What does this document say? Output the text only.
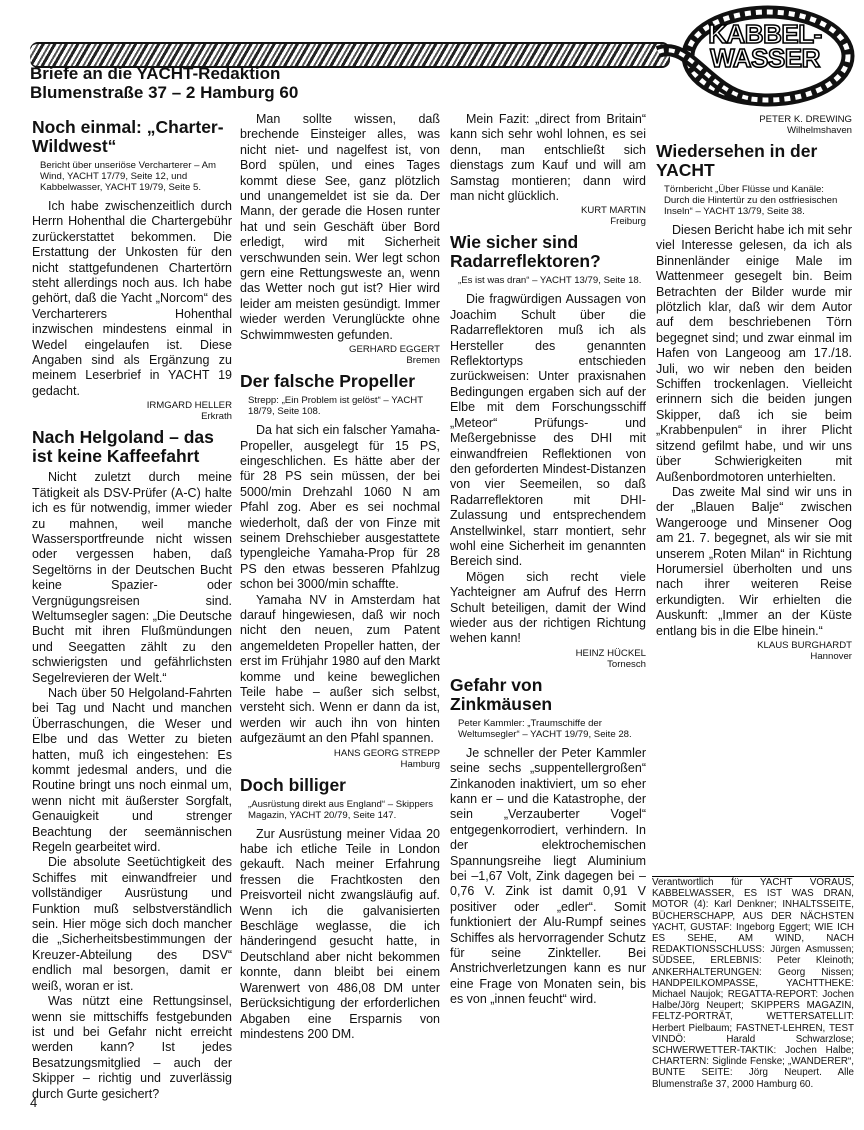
KABBEL-
WASSER
Briefe an die YACHT-Redaktion
Blumenstraße 37 – 2 Hamburg 60
Noch einmal: „Charter-Wildwest“
Bericht über unseriöse Vercharterer – Am Wind, YACHT 17/79, Seite 12, und Kabbelwasser, YACHT 19/79, Seite 5.

Ich habe zwischenzeitlich durch Herrn Hohenthal die Chartergebühr zurückerstattet bekommen. Die Erstattung der Unkosten für den nicht stattgefundenen Chartertörn steht allerdings noch aus. Ich habe gehört, daß die Yacht „Norcom“ des Vercharterers Hohenthal inzwischen mindestens einmal in Wedel eingelaufen ist. Diese Angaben sind als Ergänzung zu meinem Leserbrief in YACHT 19 gedacht.

IRMGARD HELLER
Erkrath
Nach Helgoland – das ist keine Kaffeefahrt

Nicht zuletzt durch meine Tätigkeit als DSV-Prüfer (A-C) halte ich es für notwendig, immer wieder zu mahnen, weil manche Wassersportfreunde nicht wissen oder vergessen haben, daß Segeltörns in der Deutschen Bucht keine Spazier- oder Vergnügungsreisen sind. Weltumsegler sagen: „Die Deutsche Bucht mit ihren Flußmündungen und Seegatten zählt zu den schwierigsten und gefährlichsten Segelrevieren der Welt.“

Nach über 50 Helgoland-Fahrten bei Tag und Nacht und manchen Überraschungen, die Weser und Elbe und das Wetter zu bieten hatten, muß ich eingestehen: Es kommt jedesmal anders, und die Routine bringt uns noch einmal um, wenn nicht mit äußerster Sorgfalt, Genauigkeit und strenger Beachtung der seemännischen Regeln gearbeitet wird.

Die absolute Seetüchtigkeit des Schiffes mit einwandfreier und vollständiger Ausrüstung und Funktion muß selbstverständlich sein. Hier möge sich doch mancher die „Sicherheitsbestimmungen der Kreuzer-Abteilung des DSV“ endlich mal besorgen, damit er weiß, woran er ist.

Was nützt eine Rettungsinsel, wenn sie mittschiffs festgebunden ist und bei Gefahr nicht erreicht werden kann? Ist jedes Besatzungsmitglied – auch der Skipper – richtig und zuverlässig durch Gurte gesichert?

Man sollte wissen, daß brechende Einsteiger alles, was nicht niet- und nagelfest ist, von Bord spülen, und eines Tages kommt diese See, ganz plötzlich und unangemeldet ist sie da. Der Mann, der gerade die Hosen runter hat und sein Geschäft über Bord erledigt, wird mit Sicherheit verschwunden sein. Wer legt schon gern eine Rettungsweste an, wenn das Wetter noch gut ist? Hier wird leider am meisten gesündigt. Immer wieder werden Verunglückte ohne Schwimmwesten gefunden.

GERHARD EGGERT
Bremen
Der falsche Propeller
Strepp: „Ein Problem ist gelöst“ – YACHT 18/79, Seite 108.

Da hat sich ein falscher Yamaha-Propeller, ausgelegt für 15 PS, eingeschlichen. Es hätte aber der für 28 PS sein müssen, der bei 5000/min Drehzahl 1060 N am Pfahl zog. Aber es sei nochmal wiederholt, daß der von Finze mit seinem Drehschieber ausgestattete typengleiche Yamaha-Prop für 28 PS den etwas besseren Pfahlzug schon bei 3000/min schaffte.

Yamaha NV in Amsterdam hat darauf hingewiesen, daß wir noch nicht den neuen, zum Patent angemeldeten Propeller hatten, der erst im Frühjahr 1980 auf den Markt komme und keine beweglichen Teile habe – außer sich selbst, versteht sich. Wenn er dann da ist, werden wir auch ihn von hinten aufgezäumt an den Pfahl spannen.

HANS GEORG STREPP
Hamburg
Doch billiger
„Ausrüstung direkt aus England“ – Skippers Magazin, YACHT 20/79, Seite 147.

Zur Ausrüstung meiner Vidaa 20 habe ich etliche Teile in London gekauft. Nach meiner Erfahrung fressen die Frachtkosten den Preisvorteil nicht zwangsläufig auf. Wenn ich die galvanisierten Beschläge weglasse, die ich händeringend gesucht hatte, in Deutschland aber nicht bekommen konnte, dann bleibt bei einem Warenwert von 486,08 DM unter Berücksichtigung der erforderlichen Abgaben eine Ersparnis von mindestens 200 DM.

Mein Fazit: „direct from Britain“ kann sich sehr wohl lohnen, es sei denn, man entschließt sich dienstags zum Kauf und will am Samstag montieren; dann wird man nicht glücklich.

KURT MARTIN
Freiburg
Wie sicher sind Radarreflektoren?
„Es ist was dran“ – YACHT 13/79, Seite 18.

Die fragwürdigen Aussagen von Joachim Schult über die Radarreflektoren muß ich als Hersteller des genannten Reflektortyps entschieden zurückweisen: Unter praxisnahen Bedingungen ergaben sich auf der Elbe mit dem Forschungsschiff „Meteor“ Prüfungs- und Meßergebnisse des DHI mit einwandfreien Reflektionen von den geforderten Mindest-Distanzen von vier Seemeilen, so daß Radarreflektoren mit DHI-Zulassung und entsprechendem Anstellwinkel, starr montiert, sehr wohl eine Sicherheit im genannten Bereich sind.

Mögen sich recht viele Yachteigner am Aufruf des Herrn Schult beteiligen, damit der Wind wieder aus der richtigen Richtung wehen kann!

HEINZ HÜCKEL
Tornesch
Gefahr von Zinkmäusen
Peter Kammler: „Traumschiffe der Weltumsegler“ – YACHT 19/79, Seite 28.

Je schneller der Peter Kammler seine sechs „suppentellergroßen“ Zinkanoden inaktiviert, um so eher kann er – und die Katastrophe, der sein „Verzauberter Vogel“ entgegenkorrodiert, verhindern. In der elektrochemischen Spannungsreihe liegt Aluminium bei –1,67 Volt, Zink dagegen bei –0,76 V. Zink ist damit 0,91 V positiver oder „edler“. Somit funktioniert der Alu-Rumpf seines Schiffes als hervorragender Schutz für seine Zinkteller. Bei Anstrichverletzungen kann es nur eine Frage von Monaten sein, bis es von „innen feucht“ wird.

PETER K. DREWING
Wilhelmshaven
Wiedersehen in der YACHT
Törnbericht „Über Flüsse und Kanäle: Durch die Hintertür zu den ostfriesischen Inseln“ – YACHT 13/79, Seite 38.

Diesen Bericht habe ich mit sehr viel Interesse gelesen, da ich als Binnenländer einige Male im Wattenmeer gesegelt bin. Beim Betrachten der Bilder wurde mir plötzlich klar, daß wir dem Autor auf dem beschriebenen Törn begegnet sind; und zwar einmal im Hafen von Langeoog am 17./18. Juli, wo wir neben den beiden Schiffen trockenlagen. Vielleicht erinnern sich die beiden jungen Skipper, daß ich sie beim „Krabbenpulen“ in ihrer Plicht sitzend gefilmt habe, und wir uns über Schwierigkeiten mit Außenbordmotoren unterhielten.

Das zweite Mal sind wir uns in der „Blauen Balje“ zwischen Wangerooge und Minsener Oog am 21. 7. begegnet, als wir sie mit unserem „Roten Milan“ in Richtung Horumersiel überholten und uns nach ihrer weiteren Reise erkundigten. Wir erhielten die Auskunft: „Immer an der Küste entlang bis in die Elbe hinein.“

KLAUS BURGHARDT
Hannover
Verantwortlich für YACHT VORAUS, KABBELWASSER, ES IST WAS DRAN, MOTOR (4): Karl Denkner; INHALTSSEITE, BÜCHERSCHAPP, AUS DER NÄCHSTEN YACHT, GUSTAF: Ingeborg Eggert; WIE ICH ES SEHE, AM WIND, NACH REDAKTIONSSCHLUSS: Jürgen Asmussen; SÜDSEE, ERLEBNIS: Peter Kleinoth; ANKERHALTERUNGEN: Georg Nissen; HANDPEILKOMPASSE, YACHTTHEKE: Michael Naujok; REGATTA-REPORT: Jochen Halbe/Jörg Neupert; SKIPPERS MAGAZIN, FELTZ-PORTRÄT, WETTERSATELLIT: Herbert Pielbaum; FASTNET-LEHREN, TEST VINDÖ: Harald Schwarzlose; SCHWERWETTER-TAKTIK: Jochen Halbe; CHARTERN: Siglinde Fenske; „WANDERER“, BUNTE SEITE: Jörg Neupert. Alle Blumenstraße 37, 2000 Hamburg 60.
4
